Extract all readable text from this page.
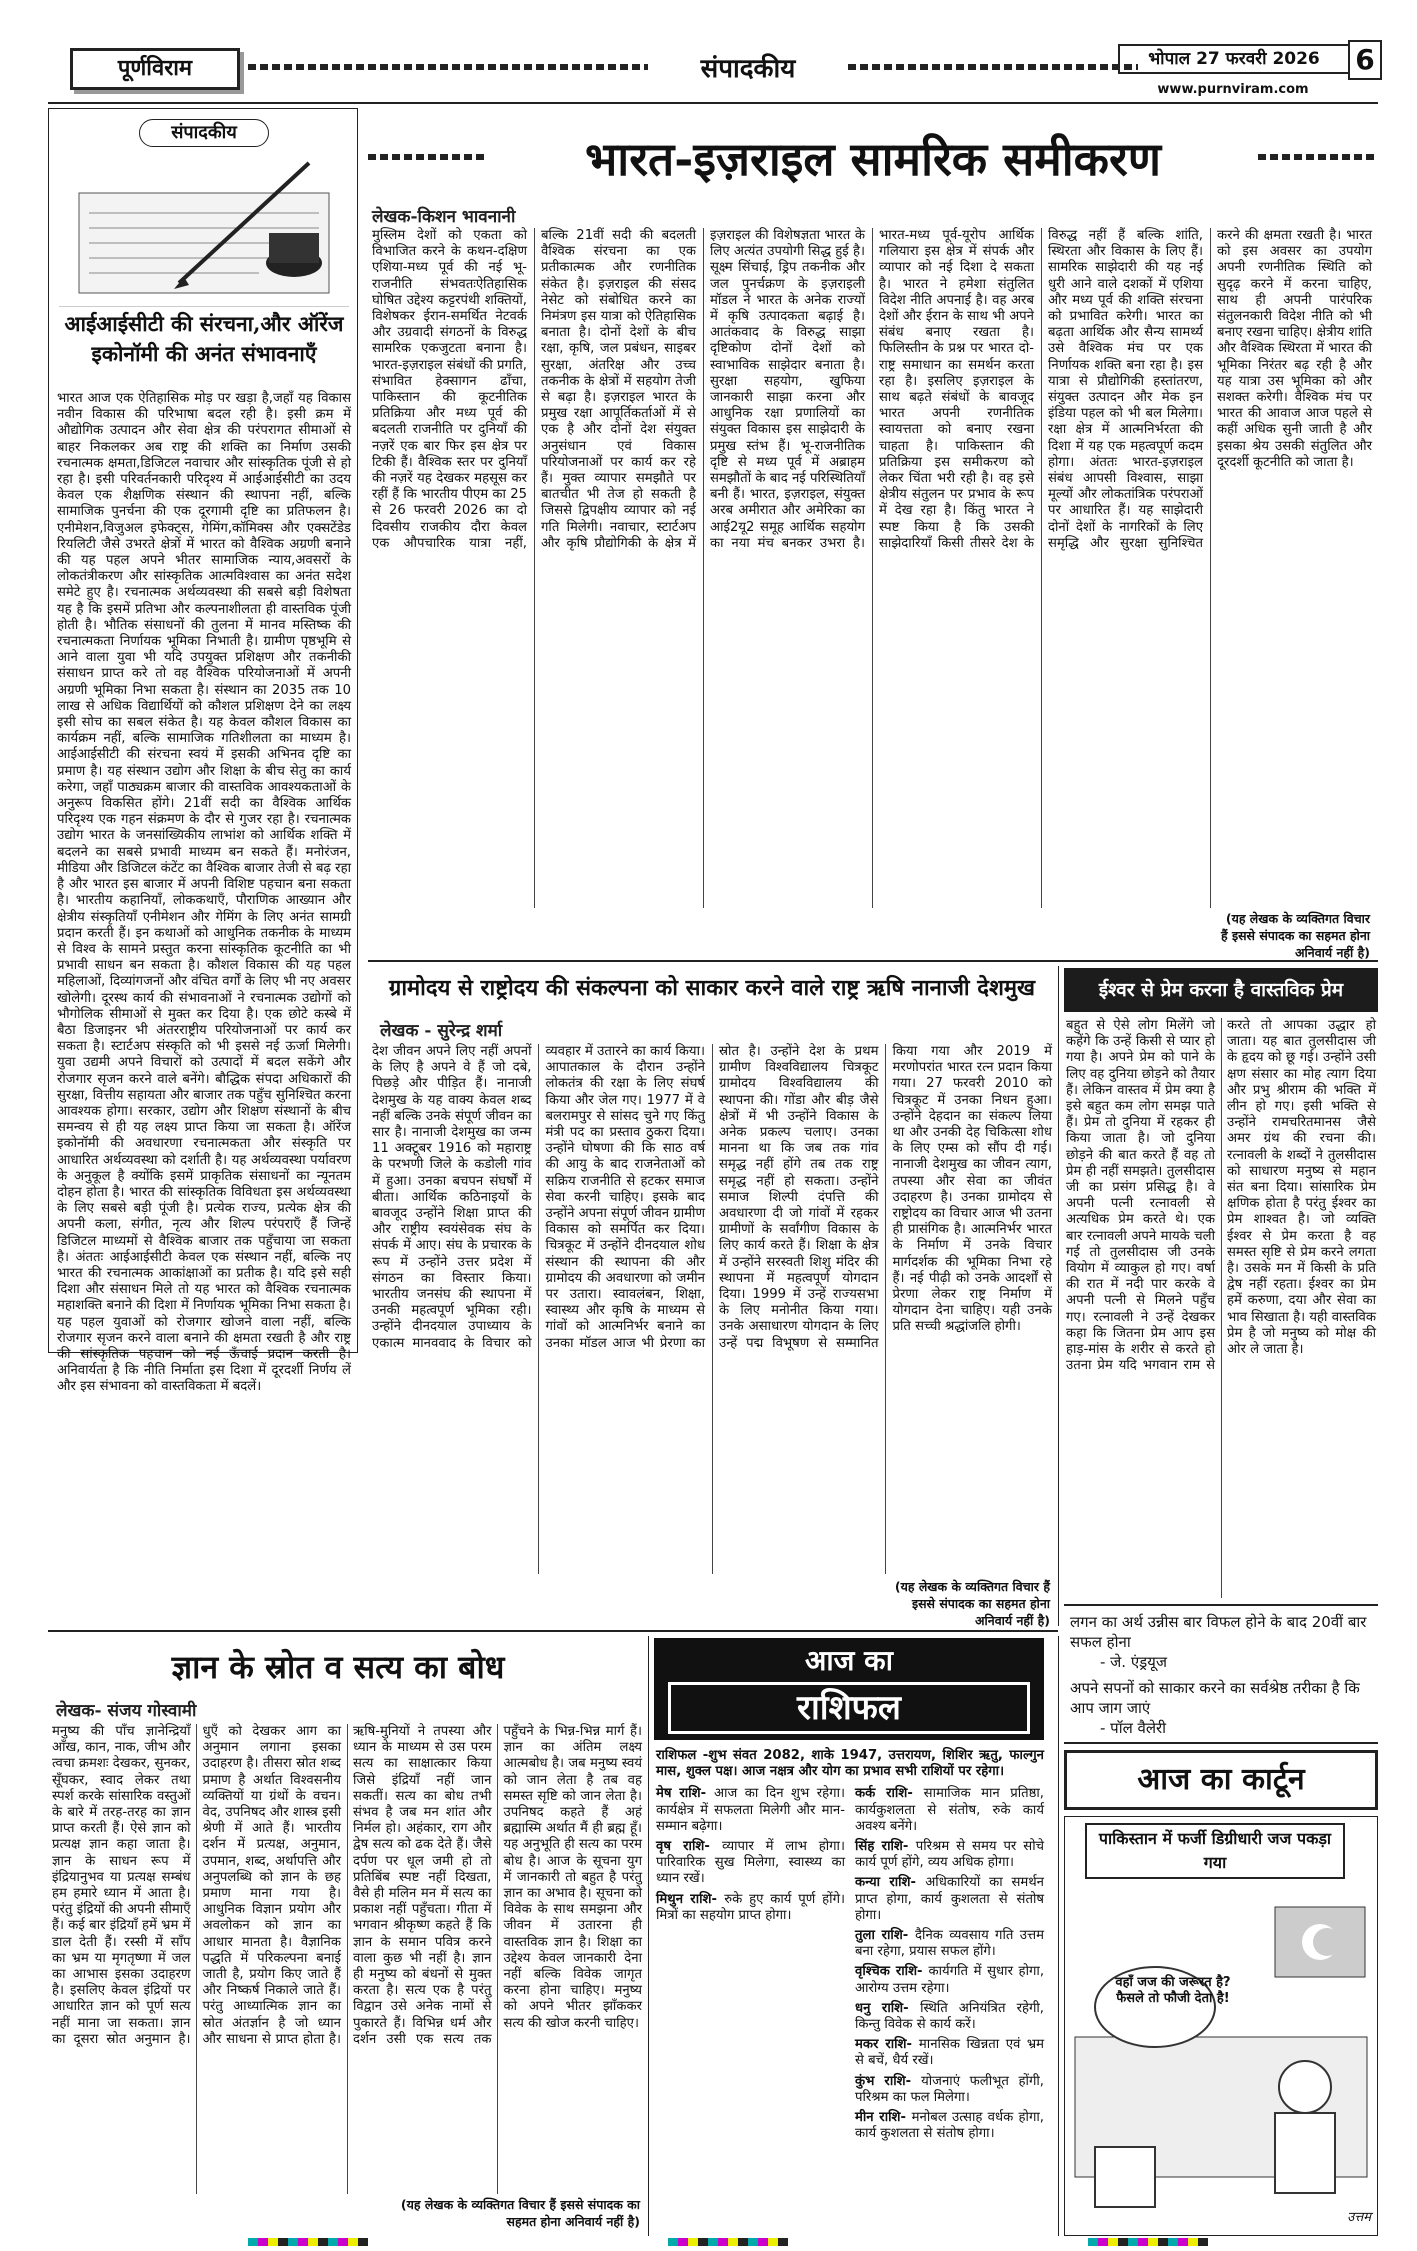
पूर्णविराम	संपादकीय	भोपाल 27 फरवरी 2026	6
www.purnviram.com
संपादकीय
आईआईसीटी की संरचना,और ऑरेंज इकोनॉमी की अनंत संभावनाएँ
भारत आज एक ऐतिहासिक मोड़ पर खड़ा है,जहाँ यह विकास नवीन विकास की परिभाषा बदल रही है। इसी क्रम में औद्योगिक उत्पादन और सेवा क्षेत्र की परंपरागत सीमाओं से बाहर निकलकर अब राष्ट्र की शक्ति का निर्माण उसकी रचनात्मक क्षमता,डिजिटल नवाचार और सांस्कृतिक पूंजी से हो रहा है। इसी परिवर्तनकारी परिदृश्य में आईआईसीटी का उदय केवल एक शैक्षणिक संस्थान की स्थापना नहीं, बल्कि सामाजिक पुनर्चना की एक दूरगामी दृष्टि का प्रतिफलन है। एनीमेशन,विजुअल इफेक्ट्स, गेमिंग,कॉमिक्स और एक्सटेंडेड रियलिटी जैसे उभरते क्षेत्रों में भारत को वैश्विक अग्रणी बनाने की यह पहल अपने भीतर सामाजिक न्याय,अवसरों के लोकतंत्रीकरण और सांस्कृतिक आत्मविश्वास का अनंत सदेश समेटे हुए है। रचनात्मक अर्थव्यवस्था की सबसे बड़ी विशेषता यह है कि इसमें प्रतिभा और कल्पनाशीलता ही वास्तविक पूंजी होती है। भौतिक संसाधनों की तुलना में मानव मस्तिष्क की रचनात्मकता निर्णायक भूमिका निभाती है। ग्रामीण पृष्ठभूमि से आने वाला युवा भी यदि उपयुक्त प्रशिक्षण और तकनीकी संसाधन प्राप्त करे तो वह वैश्विक परियोजनाओं में अपनी अग्रणी भूमिका निभा सकता है। संस्थान का 2035 तक 10 लाख से अधिक विद्यार्थियों को कौशल प्रशिक्षण देने का लक्ष्य इसी सोच का सबल संकेत है। यह केवल कौशल विकास का कार्यक्रम नहीं, बल्कि सामाजिक गतिशीलता का माध्यम है। आईआईसीटी की संरचना स्वयं में इसकी अभिनव दृष्टि का प्रमाण है। यह संस्थान उद्योग और शिक्षा के बीच सेतु का कार्य करेगा, जहाँ पाठ्यक्रम बाजार की वास्तविक आवश्यकताओं के अनुरूप विकसित होंगे। 21वीं सदी का वैश्विक आर्थिक परिदृश्य एक गहन संक्रमण के दौर से गुजर रहा है। रचनात्मक उद्योग भारत के जनसांख्यिकीय लाभांश को आर्थिक शक्ति में बदलने का सबसे प्रभावी माध्यम बन सकते हैं। मनोरंजन, मीडिया और डिजिटल कंटेंट का वैश्विक बाजार तेजी से बढ़ रहा है और भारत इस बाजार में अपनी विशिष्ट पहचान बना सकता है। भारतीय कहानियाँ, लोककथाएँ, पौराणिक आख्यान और क्षेत्रीय संस्कृतियाँ एनीमेशन और गेमिंग के लिए अनंत सामग्री प्रदान करती हैं। इन कथाओं को आधुनिक तकनीक के माध्यम से विश्व के सामने प्रस्तुत करना सांस्कृतिक कूटनीति का भी प्रभावी साधन बन सकता है। कौशल विकास की यह पहल महिलाओं, दिव्यांगजनों और वंचित वर्गों के लिए भी नए अवसर खोलेगी। दूरस्थ कार्य की संभावनाओं ने रचनात्मक उद्योगों को भौगोलिक सीमाओं से मुक्त कर दिया है। एक छोटे कस्बे में बैठा डिजाइनर भी अंतरराष्ट्रीय परियोजनाओं पर कार्य कर सकता है। स्टार्टअप संस्कृति को भी इससे नई ऊर्जा मिलेगी। युवा उद्यमी अपने विचारों को उत्पादों में बदल सकेंगे और रोजगार सृजन करने वाले बनेंगे। बौद्धिक संपदा अधिकारों की सुरक्षा, वित्तीय सहायता और बाजार तक पहुँच सुनिश्चित करना आवश्यक होगा। सरकार, उद्योग और शिक्षण संस्थानों के बीच समन्वय से ही यह लक्ष्य प्राप्त किया जा सकता है। ऑरेंज इकोनॉमी की अवधारणा रचनात्मकता और संस्कृति पर आधारित अर्थव्यवस्था को दर्शाती है। यह अर्थव्यवस्था पर्यावरण के अनुकूल है क्योंकि इसमें प्राकृतिक संसाधनों का न्यूनतम दोहन होता है। भारत की सांस्कृतिक विविधता इस अर्थव्यवस्था के लिए सबसे बड़ी पूंजी है। प्रत्येक राज्य, प्रत्येक क्षेत्र की अपनी कला, संगीत, नृत्य और शिल्प परंपराएँ हैं जिन्हें डिजिटल माध्यमों से वैश्विक बाजार तक पहुँचाया जा सकता है। अंततः आईआईसीटी केवल एक संस्थान नहीं, बल्कि नए भारत की रचनात्मक आकांक्षाओं का प्रतीक है। यदि इसे सही दिशा और संसाधन मिले तो यह भारत को वैश्विक रचनात्मक महाशक्ति बनाने की दिशा में निर्णायक भूमिका निभा सकता है। यह पहल युवाओं को रोजगार खोजने वाला नहीं, बल्कि रोजगार सृजन करने वाला बनाने की क्षमता रखती है और राष्ट्र की सांस्कृतिक पहचान को नई ऊँचाई प्रदान करती है। अनिवार्यता है कि नीति निर्माता इस दिशा में दूरदर्शी निर्णय लें और इस संभावना को वास्तविकता में बदलें।
भारत-इज़राइल सामरिक समीकरण
लेखक-किशन भावनानी
मुस्लिम देशों को एकता को विभाजित करने के कथन-दक्षिण एशिया-मध्य पूर्व की नई भू-राजनीति संभवतःऐतिहासिक घोषित उद्देश्य कट्टरपंथी शक्तियों, विशेषकर ईरान-समर्थित नेटवर्क और उग्रवादी संगठनों के विरुद्ध सामरिक एकजुटता बनाना है। भारत-इज़राइल संबंधों की प्रगति, संभावित हेक्सागन ढाँचा, पाकिस्तान की कूटनीतिक प्रतिक्रिया और मध्य पूर्व की बदलती राजनीति पर दुनियाँ की नज़रें एक बार फिर इस क्षेत्र पर टिकी हैं। वैश्विक स्तर पर दुनियाँ की नज़रें यह देखकर महसूस कर रहीं हैं कि भारतीय पीएम का 25 से 26 फरवरी 2026 का दो दिवसीय राजकीय दौरा केवल एक औपचारिक यात्रा नहीं, बल्कि 21वीं सदी की बदलती वैश्विक संरचना का एक प्रतीकात्मक और रणनीतिक संकेत है। इज़राइल की संसद नेसेट को संबोधित करने का निमंत्रण इस यात्रा को ऐतिहासिक बनाता है। दोनों देशों के बीच रक्षा, कृषि, जल प्रबंधन, साइबर सुरक्षा, अंतरिक्ष और उच्च तकनीक के क्षेत्रों में सहयोग तेजी से बढ़ा है। इज़राइल भारत के प्रमुख रक्षा आपूर्तिकर्ताओं में से एक है और दोनों देश संयुक्त अनुसंधान एवं विकास परियोजनाओं पर कार्य कर रहे हैं। मुक्त व्यापार समझौते पर बातचीत भी तेज हो सकती है जिससे द्विपक्षीय व्यापार को नई गति मिलेगी। नवाचार, स्टार्टअप और कृषि प्रौद्योगिकी के क्षेत्र में इज़राइल की विशेषज्ञता भारत के लिए अत्यंत उपयोगी सिद्ध हुई है। सूक्ष्म सिंचाई, ड्रिप तकनीक और जल पुनर्चक्रण के इज़राइली मॉडल ने भारत के अनेक राज्यों में कृषि उत्पादकता बढ़ाई है। आतंकवाद के विरुद्ध साझा दृष्टिकोण दोनों देशों को स्वाभाविक साझेदार बनाता है। सुरक्षा सहयोग, खुफिया जानकारी साझा करना और आधुनिक रक्षा प्रणालियों का संयुक्त विकास इस साझेदारी के प्रमुख स्तंभ हैं। भू-राजनीतिक दृष्टि से मध्य पूर्व में अब्राहम समझौतों के बाद नई परिस्थितियाँ बनी हैं। भारत, इज़राइल, संयुक्त अरब अमीरात और अमेरिका का आई2यू2 समूह आर्थिक सहयोग का नया मंच बनकर उभरा है। भारत-मध्य पूर्व-यूरोप आर्थिक गलियारा इस क्षेत्र में संपर्क और व्यापार को नई दिशा दे सकता है। भारत ने हमेशा संतुलित विदेश नीति अपनाई है। वह अरब देशों और ईरान के साथ भी अपने संबंध बनाए रखता है। फिलिस्तीन के प्रश्न पर भारत दो-राष्ट्र समाधान का समर्थन करता रहा है। इसलिए इज़राइल के साथ बढ़ते संबंधों के बावजूद भारत अपनी रणनीतिक स्वायत्तता को बनाए रखना चाहता है। पाकिस्तान की प्रतिक्रिया इस समीकरण को लेकर चिंता भरी रही है। वह इसे क्षेत्रीय संतुलन पर प्रभाव के रूप में देख रहा है। किंतु भारत ने स्पष्ट किया है कि उसकी साझेदारियाँ किसी तीसरे देश के विरुद्ध नहीं हैं बल्कि शांति, स्थिरता और विकास के लिए हैं। सामरिक साझेदारी की यह नई धुरी आने वाले दशकों में एशिया और मध्य पूर्व की शक्ति संरचना को प्रभावित करेगी। भारत का बढ़ता आर्थिक और सैन्य सामर्थ्य उसे वैश्विक मंच पर एक निर्णायक शक्ति बना रहा है। इस यात्रा से प्रौद्योगिकी हस्तांतरण, संयुक्त उत्पादन और मेक इन इंडिया पहल को भी बल मिलेगा। रक्षा क्षेत्र में आत्मनिर्भरता की दिशा में यह एक महत्वपूर्ण कदम होगा। अंततः भारत-इज़राइल संबंध आपसी विश्वास, साझा मूल्यों और लोकतांत्रिक परंपराओं पर आधारित हैं। यह साझेदारी दोनों देशों के नागरिकों के लिए समृद्धि और सुरक्षा सुनिश्चित करने की क्षमता रखती है। भारत को इस अवसर का उपयोग अपनी रणनीतिक स्थिति को सुदृढ़ करने में करना चाहिए, साथ ही अपनी पारंपरिक संतुलनकारी विदेश नीति को भी बनाए रखना चाहिए। क्षेत्रीय शांति और वैश्विक स्थिरता में भारत की भूमिका निरंतर बढ़ रही है और यह यात्रा उस भूमिका को और सशक्त करेगी। वैश्विक मंच पर भारत की आवाज आज पहले से कहीं अधिक सुनी जाती है और इसका श्रेय उसकी संतुलित और दूरदर्शी कूटनीति को जाता है।
(यह लेखक के व्यक्तिगत विचार हैं इससे संपादक का सहमत होना अनिवार्य नहीं है)
ग्रामोदय से राष्ट्रोदय की संकल्पना को साकार करने वाले राष्ट्र ऋषि नानाजी देशमुख
लेखक - सुरेन्द्र शर्मा
देश जीवन अपने लिए नहीं अपनों के लिए है अपने वे हैं जो दबे, पिछड़े और पीड़ित हैं। नानाजी देशमुख के यह वाक्य केवल शब्द नहीं बल्कि उनके संपूर्ण जीवन का सार है। नानाजी देशमुख का जन्म 11 अक्टूबर 1916 को महाराष्ट्र के परभणी जिले के कडोली गांव में हुआ। उनका बचपन संघर्षों में बीता। आर्थिक कठिनाइयों के बावजूद उन्होंने शिक्षा प्राप्त की और राष्ट्रीय स्वयंसेवक संघ के संपर्क में आए। संघ के प्रचारक के रूप में उन्होंने उत्तर प्रदेश में संगठन का विस्तार किया। भारतीय जनसंघ की स्थापना में उनकी महत्वपूर्ण भूमिका रही। उन्होंने दीनदयाल उपाध्याय के एकात्म मानववाद के विचार को व्यवहार में उतारने का कार्य किया। आपातकाल के दौरान उन्होंने लोकतंत्र की रक्षा के लिए संघर्ष किया और जेल गए। 1977 में वे बलरामपुर से सांसद चुने गए किंतु मंत्री पद का प्रस्ताव ठुकरा दिया। उन्होंने घोषणा की कि साठ वर्ष की आयु के बाद राजनेताओं को सक्रिय राजनीति से हटकर समाज सेवा करनी चाहिए। इसके बाद उन्होंने अपना संपूर्ण जीवन ग्रामीण विकास को समर्पित कर दिया। चित्रकूट में उन्होंने दीनदयाल शोध संस्थान की स्थापना की और ग्रामोदय की अवधारणा को जमीन पर उतारा। स्वावलंबन, शिक्षा, स्वास्थ्य और कृषि के माध्यम से गांवों को आत्मनिर्भर बनाने का उनका मॉडल आज भी प्रेरणा का स्रोत है। उन्होंने देश के प्रथम ग्रामीण विश्वविद्यालय चित्रकूट ग्रामोदय विश्वविद्यालय की स्थापना की। गोंडा और बीड़ जैसे क्षेत्रों में भी उन्होंने विकास के अनेक प्रकल्प चलाए। उनका मानना था कि जब तक गांव समृद्ध नहीं होंगे तब तक राष्ट्र समृद्ध नहीं हो सकता। उन्होंने समाज शिल्पी दंपत्ति की अवधारणा दी जो गांवों में रहकर ग्रामीणों के सर्वांगीण विकास के लिए कार्य करते हैं। शिक्षा के क्षेत्र में उन्होंने सरस्वती शिशु मंदिर की स्थापना में महत्वपूर्ण योगदान दिया। 1999 में उन्हें राज्यसभा के लिए मनोनीत किया गया। उनके असाधारण योगदान के लिए उन्हें पद्म विभूषण से सम्मानित किया गया और 2019 में मरणोपरांत भारत रत्न प्रदान किया गया। 27 फरवरी 2010 को चित्रकूट में उनका निधन हुआ। उन्होंने देहदान का संकल्प लिया था और उनकी देह चिकित्सा शोध के लिए एम्स को सौंप दी गई। नानाजी देशमुख का जीवन त्याग, तपस्या और सेवा का जीवंत उदाहरण है। उनका ग्रामोदय से राष्ट्रोदय का विचार आज भी उतना ही प्रासंगिक है। आत्मनिर्भर भारत के निर्माण में उनके विचार मार्गदर्शक की भूमिका निभा रहे हैं। नई पीढ़ी को उनके आदर्शों से प्रेरणा लेकर राष्ट्र निर्माण में योगदान देना चाहिए। यही उनके प्रति सच्ची श्रद्धांजलि होगी।
(यह लेखक के व्यक्तिगत विचार हैं इससे संपादक का सहमत होना अनिवार्य नहीं है)
ईश्वर से प्रेम करना है वास्तविक प्रेम
बहुत से ऐसे लोग मिलेंगे जो कहेंगे कि उन्हें किसी से प्यार हो गया है। अपने प्रेम को पाने के लिए वह दुनिया छोड़ने को तैयार हैं। लेकिन वास्तव में प्रेम क्या है इसे बहुत कम लोग समझ पाते हैं। प्रेम तो दुनिया में रहकर ही किया जाता है। जो दुनिया छोड़ने की बात करते हैं वह तो प्रेम ही नहीं समझते। तुलसीदास जी का प्रसंग प्रसिद्ध है। वे अपनी पत्नी रत्नावली से अत्यधिक प्रेम करते थे। एक बार रत्नावली अपने मायके चली गई तो तुलसीदास जी उनके वियोग में व्याकुल हो गए। वर्षा की रात में नदी पार करके वे अपनी पत्नी से मिलने पहुँच गए। रत्नावली ने उन्हें देखकर कहा कि जितना प्रेम आप इस हाड़-मांस के शरीर से करते हो उतना प्रेम यदि भगवान राम से करते तो आपका उद्धार हो जाता। यह बात तुलसीदास जी के हृदय को छू गई। उन्होंने उसी क्षण संसार का मोह त्याग दिया और प्रभु श्रीराम की भक्ति में लीन हो गए। इसी भक्ति से उन्होंने रामचरितमानस जैसे अमर ग्रंथ की रचना की। रत्नावली के शब्दों ने तुलसीदास को साधारण मनुष्य से महान संत बना दिया। सांसारिक प्रेम क्षणिक होता है परंतु ईश्वर का प्रेम शाश्वत है। जो व्यक्ति ईश्वर से प्रेम करता है वह समस्त सृष्टि से प्रेम करने लगता है। उसके मन में किसी के प्रति द्वेष नहीं रहता। ईश्वर का प्रेम हमें करुणा, दया और सेवा का भाव सिखाता है। यही वास्तविक प्रेम है जो मनुष्य को मोक्ष की ओर ले जाता है।
लगन का अर्थ उन्नीस बार विफल होने के बाद 20वीं बार सफल होना
- जे. एंड्रयूज
अपने सपनों को साकार करने का सर्वश्रेष्ठ तरीका है कि आप जाग जाएं
- पॉल वैलेरी
ज्ञान के स्रोत व सत्य का बोध
लेखक- संजय गोस्वामी
मनुष्य की पाँच ज्ञानेन्द्रियाँ आँख, कान, नाक, जीभ और त्वचा क्रमशः देखकर, सुनकर, सूँघकर, स्वाद लेकर तथा स्पर्श करके सांसारिक वस्तुओं के बारे में तरह-तरह का ज्ञान प्राप्त करती हैं। ऐसे ज्ञान को प्रत्यक्ष ज्ञान कहा जाता है। ज्ञान के साधन रूप में इंद्रियानुभव या प्रत्यक्ष सम्बंध हम हमारे ध्यान में आता है। परंतु इंद्रियों की अपनी सीमाएँ हैं। कई बार इंद्रियाँ हमें भ्रम में डाल देती हैं। रस्सी में साँप का भ्रम या मृगतृष्णा में जल का आभास इसका उदाहरण है। इसलिए केवल इंद्रियों पर आधारित ज्ञान को पूर्ण सत्य नहीं माना जा सकता। ज्ञान का दूसरा स्रोत अनुमान है। धुएँ को देखकर आग का अनुमान लगाना इसका उदाहरण है। तीसरा स्रोत शब्द प्रमाण है अर्थात विश्वसनीय व्यक्तियों या ग्रंथों के वचन। वेद, उपनिषद और शास्त्र इसी श्रेणी में आते हैं। भारतीय दर्शन में प्रत्यक्ष, अनुमान, उपमान, शब्द, अर्थापत्ति और अनुपलब्धि को ज्ञान के छह प्रमाण माना गया है। आधुनिक विज्ञान प्रयोग और अवलोकन को ज्ञान का आधार मानता है। वैज्ञानिक पद्धति में परिकल्पना बनाई जाती है, प्रयोग किए जाते हैं और निष्कर्ष निकाले जाते हैं। परंतु आध्यात्मिक ज्ञान का स्रोत अंतर्ज्ञान है जो ध्यान और साधना से प्राप्त होता है। ऋषि-मुनियों ने तपस्या और ध्यान के माध्यम से उस परम सत्य का साक्षात्कार किया जिसे इंद्रियाँ नहीं जान सकतीं। सत्य का बोध तभी संभव है जब मन शांत और निर्मल हो। अहंकार, राग और द्वेष सत्य को ढक देते हैं। जैसे दर्पण पर धूल जमी हो तो प्रतिबिंब स्पष्ट नहीं दिखता, वैसे ही मलिन मन में सत्य का प्रकाश नहीं पहुँचता। गीता में भगवान श्रीकृष्ण कहते हैं कि ज्ञान के समान पवित्र करने वाला कुछ भी नहीं है। ज्ञान ही मनुष्य को बंधनों से मुक्त करता है। सत्य एक है परंतु विद्वान उसे अनेक नामों से पुकारते हैं। विभिन्न धर्म और दर्शन उसी एक सत्य तक पहुँचने के भिन्न-भिन्न मार्ग हैं। ज्ञान का अंतिम लक्ष्य आत्मबोध है। जब मनुष्य स्वयं को जान लेता है तब वह समस्त सृष्टि को जान लेता है। उपनिषद कहते हैं अहं ब्रह्मास्मि अर्थात मैं ही ब्रह्म हूँ। यह अनुभूति ही सत्य का परम बोध है। आज के सूचना युग में जानकारी तो बहुत है परंतु ज्ञान का अभाव है। सूचना को विवेक के साथ समझना और जीवन में उतारना ही वास्तविक ज्ञान है। शिक्षा का उद्देश्य केवल जानकारी देना नहीं बल्कि विवेक जागृत करना होना चाहिए। मनुष्य को अपने भीतर झाँककर सत्य की खोज करनी चाहिए।
(यह लेखक के व्यक्तिगत विचार हैं इससे संपादक का सहमत होना अनिवार्य नहीं है)
आज का
राशिफल
राशिफल -शुभ संवत 2082, शाके 1947, उत्तरायण, शिशिर ऋतु, फाल्गुन मास, शुक्ल पक्ष। आज नक्षत्र और योग का प्रभाव सभी राशियों पर रहेगा।
मेष राशि- आज का दिन शुभ रहेगा। कार्यक्षेत्र में सफलता मिलेगी और मान-सम्मान बढ़ेगा।
वृष राशि- व्यापार में लाभ होगा। पारिवारिक सुख मिलेगा, स्वास्थ्य का ध्यान रखें।
मिथुन राशि- रुके हुए कार्य पूर्ण होंगे। मित्रों का सहयोग प्राप्त होगा।
कर्क राशि- सामाजिक मान प्रतिष्ठा, कार्यकुशलता से संतोष, रुके कार्य अवश्य बनेंगे।
सिंह राशि- परिश्रम से समय पर सोचे कार्य पूर्ण होंगे, व्यय अधिक होगा।
कन्या राशि- अधिकारियों का समर्थन प्राप्त होगा, कार्य कुशलता से संतोष होगा।
तुला राशि- दैनिक व्यवसाय गति उत्तम बना रहेगा, प्रयास सफल होंगे।
वृश्चिक राशि- कार्यगति में सुधार होगा, आरोग्य उत्तम रहेगा।
धनु राशि- स्थिति अनियंत्रित रहेगी, किन्तु विवेक से कार्य करें।
मकर राशि- मानसिक खिन्नता एवं भ्रम से बचें, धैर्य रखें।
कुंभ राशि- योजनाएं फलीभूत होंगी, परिश्रम का फल मिलेगा।
मीन राशि- मनोबल उत्साह वर्धक होगा, कार्य कुशलता से संतोष होगा।
आज का कार्टून
पाकिस्तान में फर्जी डिग्रीधारी जज पकड़ा गया
वहाँ जज की जरूरत है? फैसले तो फौजी देता है!
उत्तम
